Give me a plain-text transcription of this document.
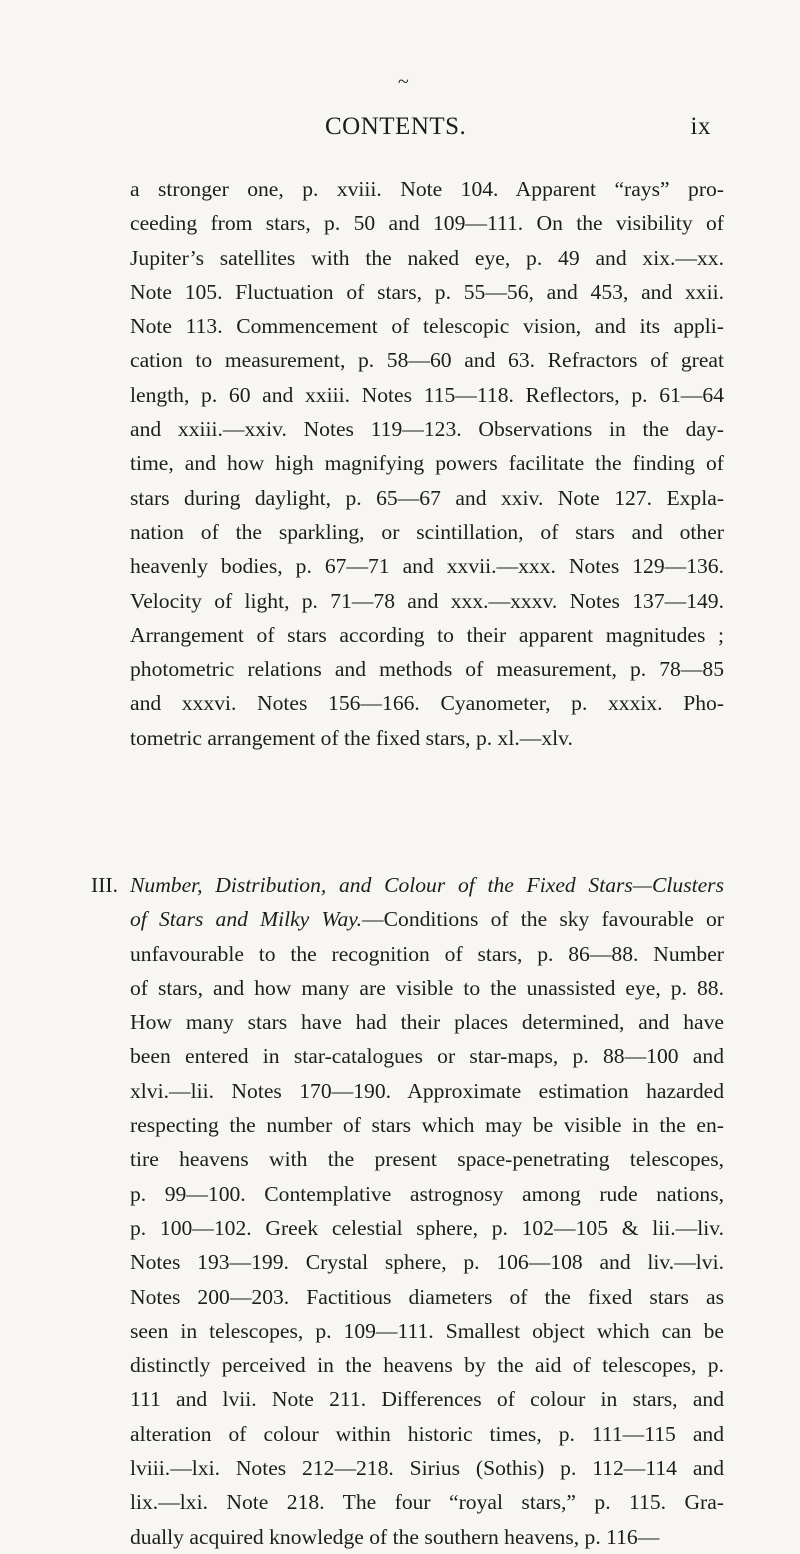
~
CONTENTS.	ix
a stronger one, p. xviii. Note 104. Apparent “rays” pro-
ceeding from stars, p. 50 and 109—111. On the visibility of
Jupiter’s satellites with the naked eye, p. 49 and xix.—xx.
Note 105. Fluctuation of stars, p. 55—56, and 453, and xxii.
Note 113. Commencement of telescopic vision, and its appli-
cation to measurement, p. 58—60 and 63. Refractors of great
length, p. 60 and xxiii. Notes 115—118. Reflectors, p. 61—64
and xxiii.—xxiv. Notes 119—123. Observations in the day-
time, and how high magnifying powers facilitate the finding of
stars during daylight, p. 65—67 and xxiv. Note 127. Expla-
nation of the sparkling, or scintillation, of stars and other
heavenly bodies, p. 67—71 and xxvii.—xxx. Notes 129—136.
Velocity of light, p. 71—78 and xxx.—xxxv. Notes 137—149.
Arrangement of stars according to their apparent magnitudes ;
photometric relations and methods of measurement, p. 78—85
and xxxvi. Notes 156—166. Cyanometer, p. xxxix. Pho-
tometric arrangement of the fixed stars, p. xl.—xlv.
III. Number, Distribution, and Colour of the Fixed Stars—Clusters
of Stars and Milky Way.—Conditions of the sky favourable or
unfavourable to the recognition of stars, p. 86—88. Number
of stars, and how many are visible to the unassisted eye, p. 88.
How many stars have had their places determined, and have
been entered in star-catalogues or star-maps, p. 88—100 and
xlvi.—lii. Notes 170—190. Approximate estimation hazarded
respecting the number of stars which may be visible in the en-
tire heavens with the present space-penetrating telescopes,
p. 99—100. Contemplative astrognosy among rude nations,
p. 100—102. Greek celestial sphere, p. 102—105 & lii.—liv.
Notes 193—199. Crystal sphere, p. 106—108 and liv.—lvi.
Notes 200—203. Factitious diameters of the fixed stars as
seen in telescopes, p. 109—111. Smallest object which can be
distinctly perceived in the heavens by the aid of telescopes, p.
111 and lvii. Note 211. Differences of colour in stars, and
alteration of colour within historic times, p. 111—115 and
lviii.—lxi. Notes 212—218. Sirius (Sothis) p. 112—114 and
lix.—lxi. Note 218. The four “royal stars,” p. 115. Gra-
dually acquired knowledge of the southern heavens, p. 116—
